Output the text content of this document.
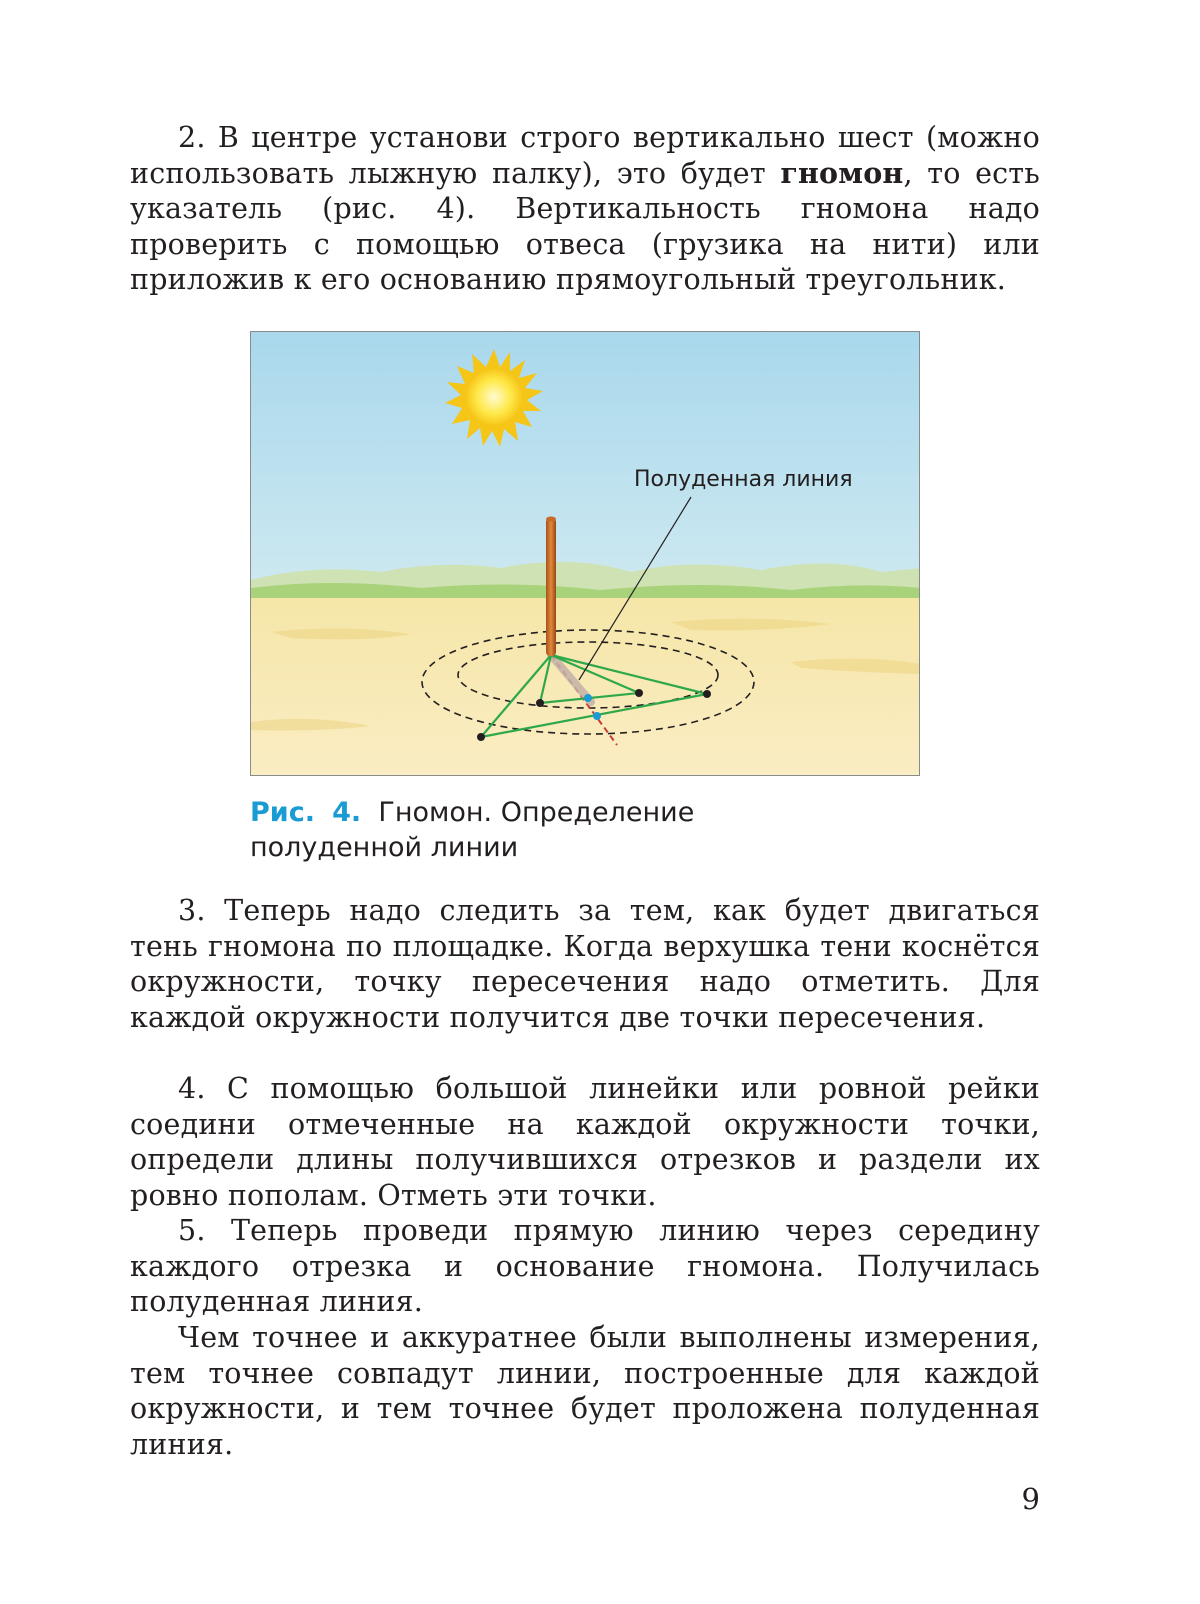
2. В центре установи строго вертикально шест (можно использовать лыжную палку), это будет гномон, то есть указатель (рис. 4). Вертикальность гномона надо проверить с помощью отвеса (грузика на нити) или приложив к его основанию прямоугольный треугольник.

Полуденная линия

Рис. 4. Гномон. Определение полуденной линии

3. Теперь надо следить за тем, как будет двигаться тень гномона по площадке. Когда верхушка тени коснётся окружности, точку пересечения надо отметить. Для каждой окружности получится две точки пересечения.

4. С помощью большой линейки или ровной рейки соедини отмеченные на каждой окружности точки, определи длины получившихся отрезков и раздели их ровно пополам. Отметь эти точки.

5. Теперь проведи прямую линию через середину каждого отрезка и основание гномона. Получилась полуденная линия.

Чем точнее и аккуратнее были выполнены измерения, тем точнее совпадут линии, построенные для каждой окружности, и тем точнее будет проложена полуденная линия.

9
